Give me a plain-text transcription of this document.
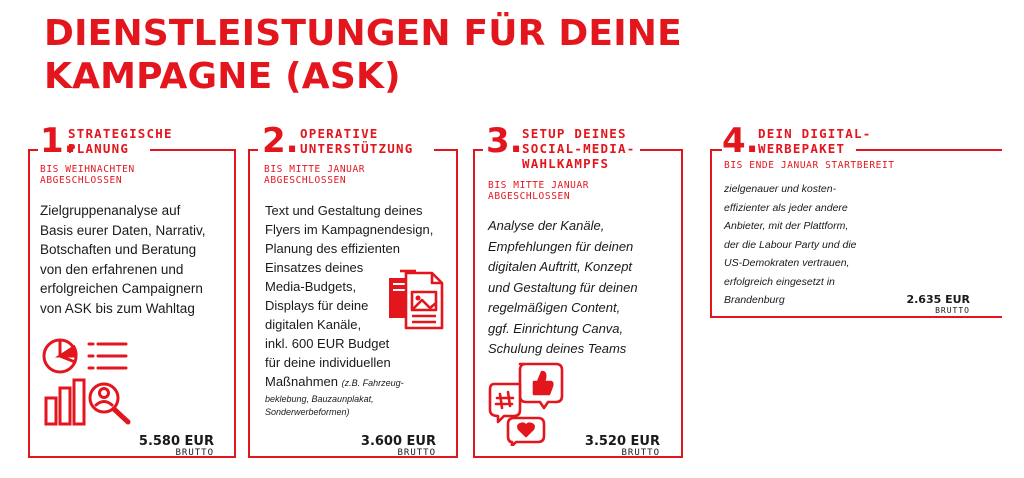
DIENSTLEISTUNGEN FÜR DEINE
KAMPAGNE (ASK)
1.
STRATEGISCHE
PLANUNG
BIS WEIHNACHTEN
ABGESCHLOSSEN
Zielgruppenanalyse auf
Basis eurer Daten, Narrativ,
Botschaften und Beratung
von den erfahrenen und
erfolgreichen Campaignern
von ASK bis zum Wahltag
5.580 EUR
BRUTTO
2. OPERATIVE
UNTERSTÜTZUNG
BIS MITTE JANUAR
ABGESCHLOSSEN
Text und Gestaltung deines
Flyers im Kampagnendesign,
Planung des effizienten
Einsatzes deines
Media-Budgets,
Displays für deine
digitalen Kanäle,
inkl. 600 EUR Budget
für deine individuellen
Maßnahmen (z.B. Fahrzeug-
beklebung, Bauzaunplakat,
Sonderwerbeformen)
3.600 EUR
BRUTTO
3. SETUP DEINES
SOCIAL-MEDIA-
WAHLKAMPFS
BIS MITTE JANUAR
ABGESCHLOSSEN
Analyse der Kanäle,
Empfehlungen für deinen
digitalen Auftritt, Konzept
und Gestaltung für deinen
regelmäßigen Content,
ggf. Einrichtung Canva,
Schulung deines Teams
3.520 EUR
BRUTTO
4. DEIN DIGITAL-
WERBEPAKET
BIS ENDE JANUAR STARTBEREIT
zielgenauer und kosten-
effizienter als jeder andere
Anbieter, mit der Plattform,
der die Labour Party und die
US-Demokraten vertrauen,
erfolgreich eingesetzt in
Brandenburg	2.635 EUR
BRUTTO
